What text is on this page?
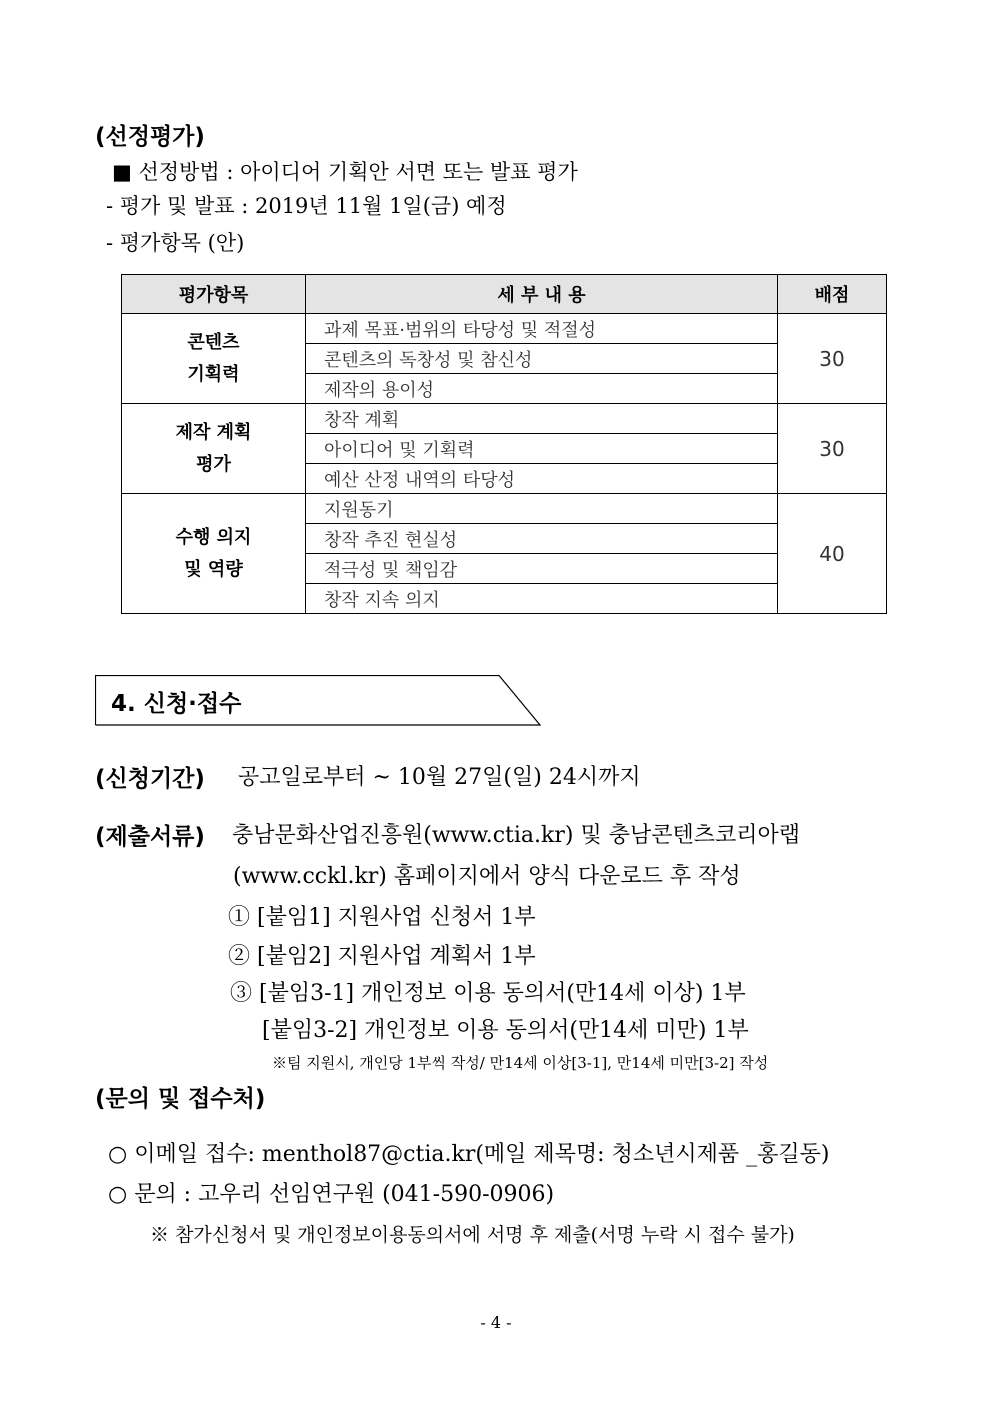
(선정평가)
■ 선정방법 : 아이디어 기획안 서면 또는 발표 평가
- 평가 및 발표 : 2019년 11월 1일(금) 예정
- 평가항목 (안)
평가항목	세 부 내 용	배점

콘텐츠
기획력	과제 목표·범위의 타당성 및 적절성	30
	콘텐츠의 독창성 및 참신성	
	제작의 용이성	

제작 계획
평가	창작 계획	30
	아이디어 및 기획력	
	예산 산정 내역의 타당성	

수행 의지
및 역량	지원동기	40
	창작 추진 현실성	
	적극성 및 책임감	
	창작 지속 의지	
4. 신청·접수
(신청기간) 공고일로부터 ~ 10월 27일(일) 24시까지
(제출서류) 충남문화산업진흥원(www.ctia.kr) 및 충남콘텐츠코리아랩
(www.cckl.kr) 홈페이지에서 양식 다운로드 후 작성
① [붙임1] 지원사업 신청서 1부
② [붙임2] 지원사업 계획서 1부
③ [붙임3-1] 개인정보 이용 동의서(만14세 이상) 1부
[붙임3-2] 개인정보 이용 동의서(만14세 미만) 1부
※팀 지원시, 개인당 1부씩 작성/ 만14세 이상[3-1], 만14세 미만[3-2] 작성
(문의 및 접수처)
○ 이메일 접수: menthol87@ctia.kr(메일 제목명: 청소년시제품 _홍길동)
○ 문의 : 고우리 선임연구원 (041-590-0906)
※ 참가신청서 및 개인정보이용동의서에 서명 후 제출(서명 누락 시 접수 불가)
- 4 -
